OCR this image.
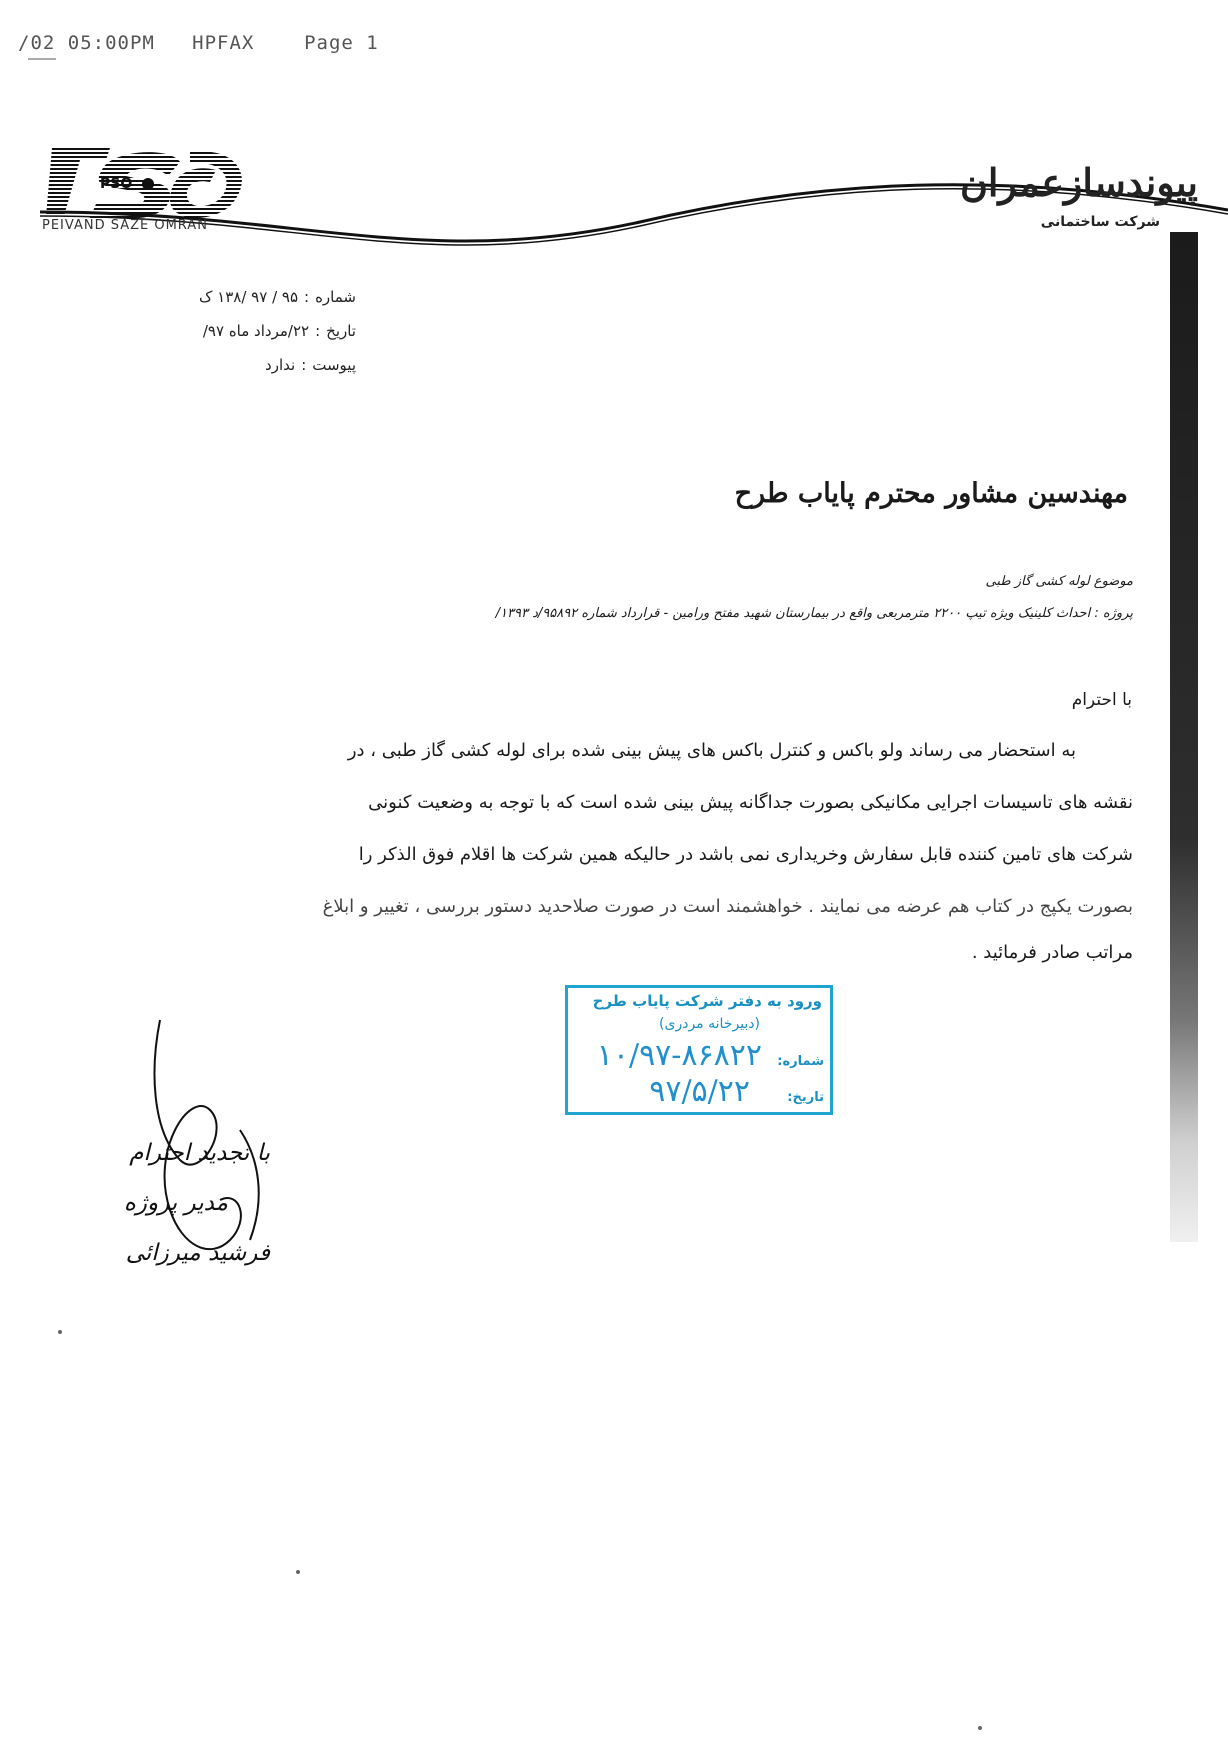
/02 05:00PM   HPFAX    Page 1
PSO
PEIVAND SAZE OMRAN
پیوندسازعمران
شرکت ساختمانی
شماره:۹۵ / ۹۷ /۱۳۸ ک
تاریخ:۲۲/مرداد ماه ۹۷/
پیوست:ندارد
مهندسین مشاور محترم پایاب طرح
موضوع لوله کشی گاز طبی
پروژه : احداث کلینیک ویژه تیپ ۲۲۰۰ مترمربعی واقع در بیمارستان شهید مفتح ورامین - قرارداد شماره ۹۵۸۹۲/د ۱۳۹۳/
با احترام
به استحضار می رساند ولو باکس و کنترل باکس های پیش بینی شده برای لوله کشی گاز طبی ، در
نقشه های تاسیسات اجرایی مکانیکی بصورت جداگانه پیش بینی شده است که با توجه به وضعیت کنونی
شرکت های تامین کننده قابل سفارش وخریداری نمی باشد در حالیکه همین شرکت ها اقلام فوق الذکر را
بصورت یکپج در کتاب هم عرضه می نمایند . خواهشمند است در صورت صلاحدید دستور بررسی ، تغییر و ابلاغ
مراتب صادر فرمائید .
ورود به دفتر شرکت پایاب طرح
(دبیرخانه مردری)
شماره:
۱۰/۹۷-۸۶۸۲۲
تاریخ:
۹۷/۵/۲۲
با تجدید احترام
مدیر پروژه
فرشید میرزائی
